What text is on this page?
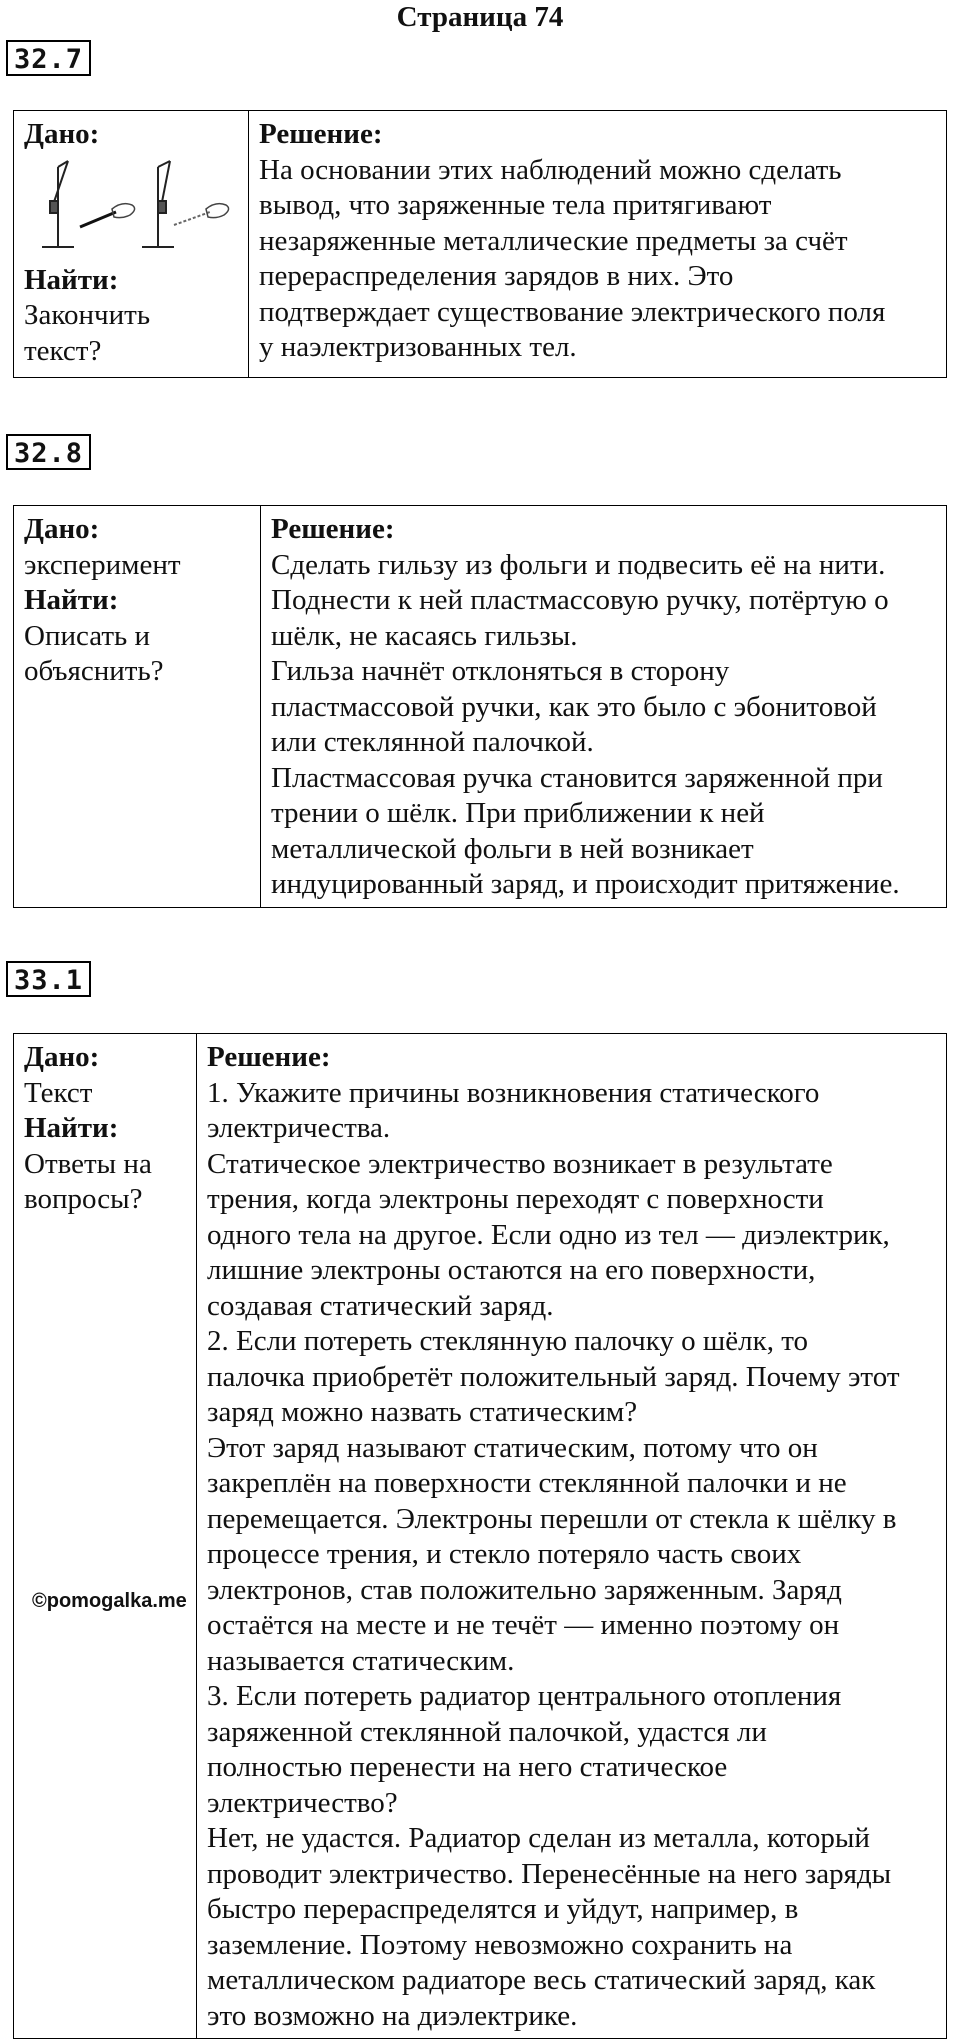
Страница 74
32.7
Дано:
Найти:
Закончить
текст?

Решение:
На основании этих наблюдений можно сделать
вывод, что заряженные тела притягивают
незаряженные металлические предметы за счёт
перераспределения зарядов в них. Это
подтверждает существование электрического поля
у наэлектризованных тел.
32.8
Дано:
эксперимент
Найти:
Описать и
объяснить?

Решение:
Сделать гильзу из фольги и подвесить её на нити.
Поднести к ней пластмассовую ручку, потёртую о
шёлк, не касаясь гильзы.
Гильза начнёт отклоняться в сторону
пластмассовой ручки, как это было с эбонитовой
или стеклянной палочкой.
Пластмассовая ручка становится заряженной при
трении о шёлк. При приближении к ней
металлической фольги в ней возникает
индуцированный заряд, и происходит притяжение.
33.1
Дано:
Текст
Найти:
Ответы на
вопросы?

Решение:
1. Укажите причины возникновения статического
электричества.
Статическое электричество возникает в результате
трения, когда электроны переходят с поверхности
одного тела на другое. Если одно из тел — диэлектрик,
лишние электроны остаются на его поверхности,
создавая статический заряд.
2. Если потереть стеклянную палочку о шёлк, то
палочка приобретёт положительный заряд. Почему этот
заряд можно назвать статическим?
Этот заряд называют статическим, потому что он
закреплён на поверхности стеклянной палочки и не
перемещается. Электроны перешли от стекла к шёлку в
процессе трения, и стекло потеряло часть своих
электронов, став положительно заряженным. Заряд
остаётся на месте и не течёт — именно поэтому он
называется статическим.
3. Если потереть радиатор центрального отопления
заряженной стеклянной палочкой, удастся ли
полностью перенести на него статическое
электричество?
Нет, не удастся. Радиатор сделан из металла, который
проводит электричество. Перенесённые на него заряды
быстро перераспределятся и уйдут, например, в
заземление. Поэтому невозможно сохранить на
металлическом радиаторе весь статический заряд, как
это возможно на диэлектрике.
©pomogalka.me
